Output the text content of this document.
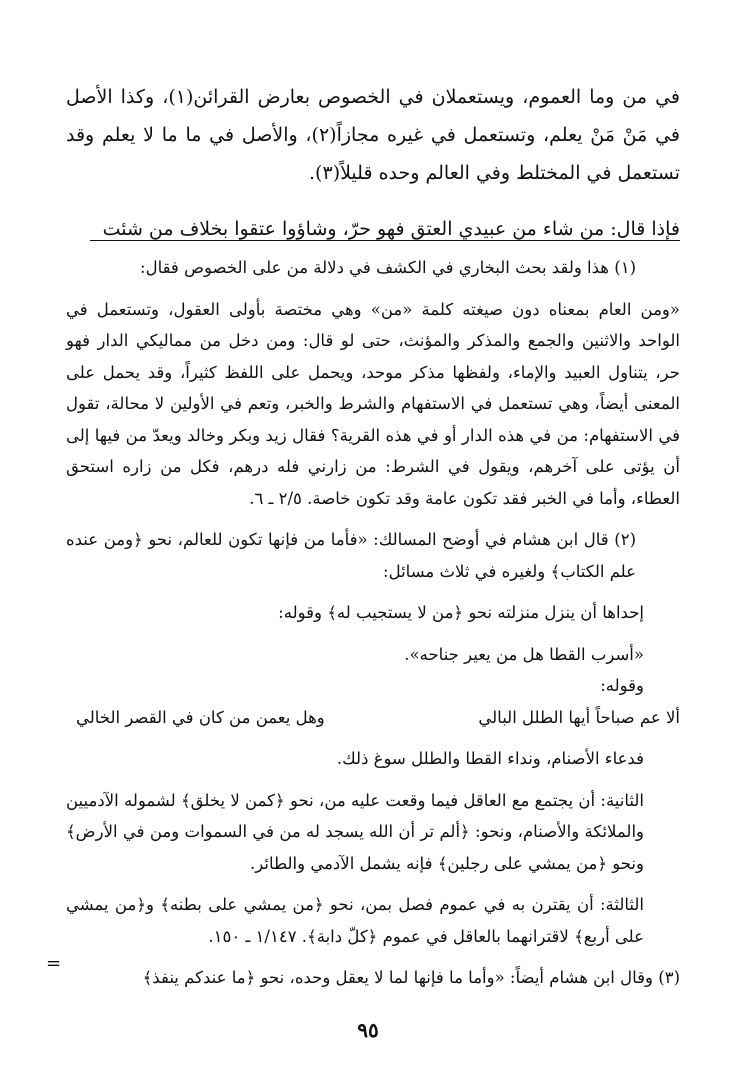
في من وما العموم، ويستعملان في الخصوص بعارض القرائن(١)، وكذا الأصل في مَنْ مَنْ يعلم، وتستعمل في غيره مجازاً(٢)، والأصل في ما ما لا يعلم وقد تستعمل في المختلط وفي العالم وحده قليلاً(٣).

فإذا قال: من شاء من عبيدي العتق فهو حرّ، وشاؤوا عتقوا بخلاف من شئت

(١) هذا ولقد بحث البخاري في الكشف في دلالة من على الخصوص فقال:

«ومن العام بمعناه دون صيغته كلمة «من» وهي مختصة بأولى العقول، وتستعمل في الواحد والاثنين والجمع والمذكر والمؤنث، حتى لو قال: ومن دخل من مماليكي الدار فهو حر، يتناول العبيد والإماء، ولفظها مذكر موحد، ويحمل على اللفظ كثيراً، وقد يحمل على المعنى أيضاً، وهي تستعمل في الاستفهام والشرط والخبر، وتعم في الأولين لا محالة، تقول في الاستفهام: من في هذه الدار أو في هذه القرية؟ فقال زيد وبكر وخالد ويعدّ من فيها إلى أن يؤتى على آخرهم، ويقول في الشرط: من زارني فله درهم، فكل من زاره استحق العطاء، وأما في الخبر فقد تكون عامة وقد تكون خاصة. ٢/٥ ـ ٦.

(٢) قال ابن هشام في أوضح المسالك: «فأما من فإنها تكون للعالم، نحو ﴿ومن عنده علم الكتاب﴾ ولغيره في ثلاث مسائل:

إحداها أن ينزل منزلته نحو ﴿من لا يستجيب له﴾ وقوله:

«أسرب القطا هل من يعير جناحه».

وقوله:

ألا عم صباحاً أيها الطلل البالي
وهل يعمن من كان في القصر الخالي

فدعاء الأصنام، ونداء القطا والطلل سوغ ذلك.

الثانية: أن يجتمع مع العاقل فيما وقعت عليه من، نحو ﴿كمن لا يخلق﴾ لشموله الآدميين والملائكة والأصنام، ونحو: ﴿ألم تر أن الله يسجد له من في السموات ومن في الأرض﴾ ونحو ﴿من يمشي على رجلين﴾ فإنه يشمل الآدمي والطائر.

الثالثة: أن يقترن به في عموم فصل بمن، نحو ﴿من يمشي على بطنه﴾ و﴿من يمشي على أربع﴾ لاقترانهما بالعاقل في عموم ﴿كلّ دابة﴾. ١/١٤٧ ـ ١٥٠.

(٣) وقال ابن هشام أيضاً: «وأما ما فإنها لما لا يعقل وحده، نحو ﴿ما عندكم ينفذ﴾

=
٩٥
